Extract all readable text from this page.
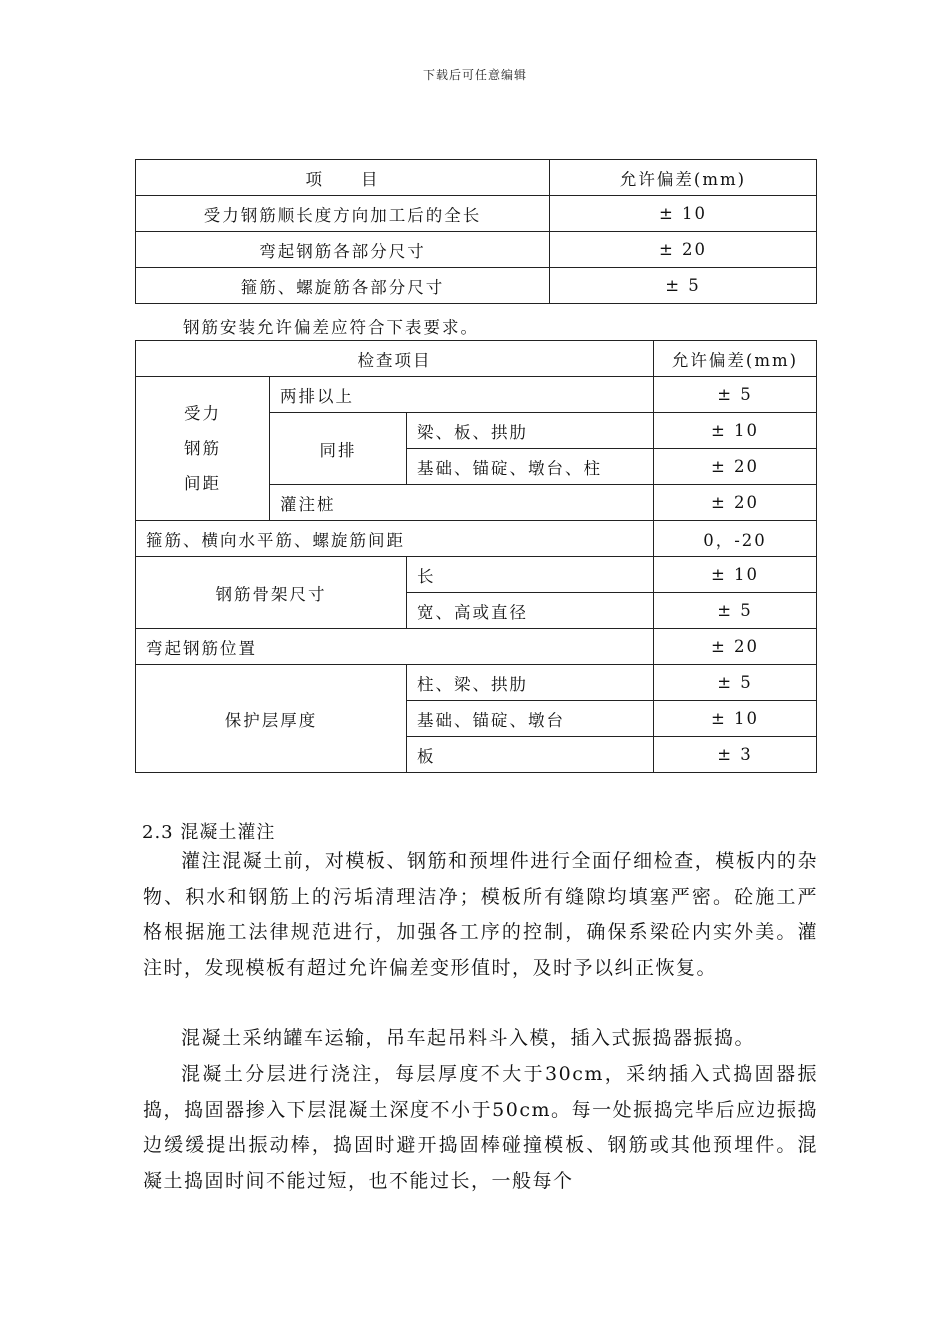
下载后可任意编辑
项　　目	允许偏差(mm)
受力钢筋顺长度方向加工后的全长	± 10
弯起钢筋各部分尺寸	± 20
箍筋、螺旋筋各部分尺寸	± 5
钢筋安装允许偏差应符合下表要求。
检查项目			允许偏差(mm)

受力
钢筋
间距	两排以上		± 5
	同排	梁、板、拱肋	± 10
		基础、锚碇、墩台、柱	± 20
	灌注桩		± 20
箍筋、横向水平筋、螺旋筋间距			0，-20
钢筋骨架尺寸		长	± 10
		宽、高或直径	± 5
弯起钢筋位置			± 20
保护层厚度		柱、梁、拱肋	± 5
		基础、锚碇、墩台	± 10
		板	± 3
2.3 混凝土灌注

灌注混凝土前，对模板、钢筋和预埋件进行全面仔细检查，模板内的杂物、积水和钢筋上的污垢清理洁净；模板所有缝隙均填塞严密。砼施工严格根据施工法律规范进行，加强各工序的控制，确保系梁砼内实外美。灌注时，发现模板有超过允许偏差变形值时，及时予以纠正恢复。

混凝土采纳罐车运输，吊车起吊料斗入模，插入式振捣器振捣。

混凝土分层进行浇注，每层厚度不大于30cm，采纳插入式捣固器振捣，捣固器掺入下层混凝土深度不小于50cm。每一处振捣完毕后应边振捣边缓缓提出振动棒，捣固时避开捣固棒碰撞模板、钢筋或其他预埋件。混凝土捣固时间不能过短，也不能过长，一般每个
